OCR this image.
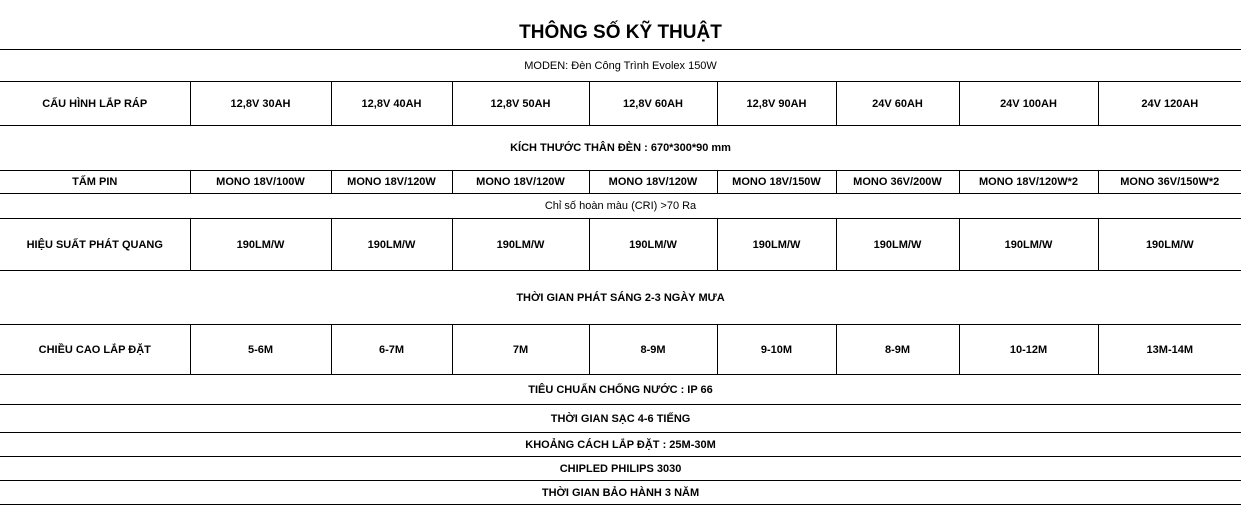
THÔNG SỐ KỸ THUẬT
MODEN: Đèn Công Trình Evolex 150W								
CẤU HÌNH LẮP RÁP	12,8V 30AH	12,8V 40AH	12,8V 50AH	12,8V 60AH	12,8V 90AH	24V 60AH	24V 100AH	24V 120AH
KÍCH THƯỚC THÂN ĐÈN : 670*300*90 mm								
TẤM PIN	MONO 18V/100W	MONO 18V/120W	MONO 18V/120W	MONO 18V/120W	MONO 18V/150W	MONO 36V/200W	MONO 18V/120W*2	MONO 36V/150W*2
Chỉ số hoàn màu (CRI) >70 Ra								
HIỆU SUẤT PHÁT QUANG	190LM/W	190LM/W	190LM/W	190LM/W	190LM/W	190LM/W	190LM/W	190LM/W
THỜI GIAN PHÁT SÁNG 2-3 NGÀY MƯA								
CHIỀU CAO LẮP ĐẶT	5-6M	6-7M	7M	8-9M	9-10M	8-9M	10-12M	13M-14M
TIÊU CHUẨN CHỐNG NƯỚC : IP 66								
THỜI GIAN SẠC 4-6 TIẾNG								
KHOẢNG CÁCH LẮP ĐẶT : 25M-30M								
CHIPLED PHILIPS 3030								
THỜI GIAN BẢO HÀNH 3 NĂM								
